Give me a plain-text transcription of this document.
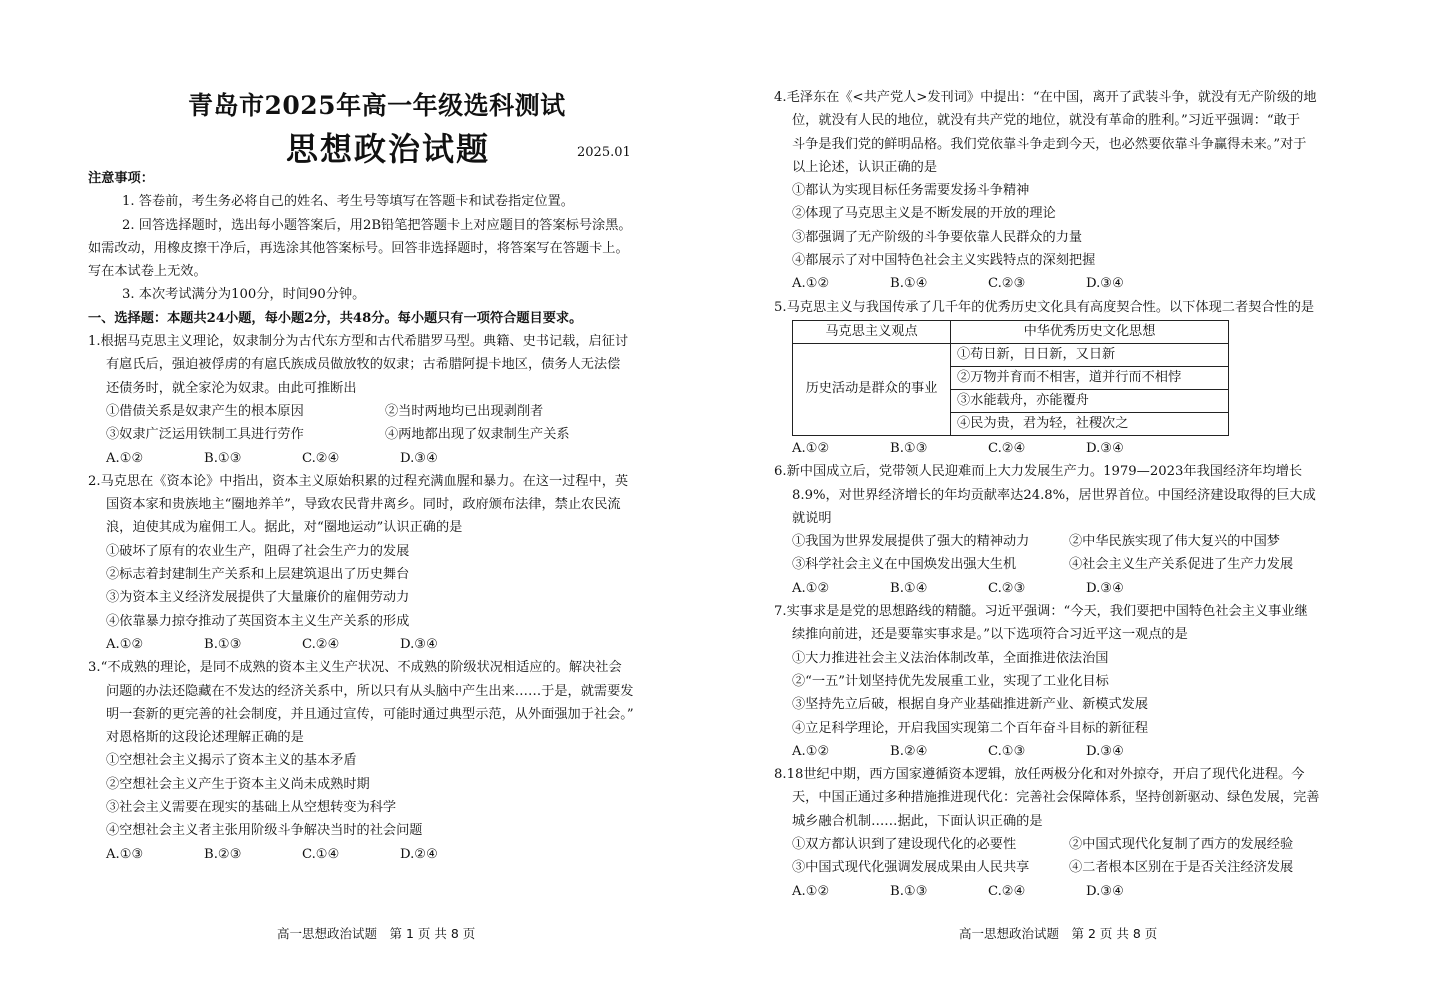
青岛市2025年高一年级选科测试
思想政治试题	2025.01
注意事项：
1. 答卷前，考生务必将自己的姓名、考生号等填写在答题卡和试卷指定位置。
2. 回答选择题时，选出每小题答案后，用2B铅笔把答题卡上对应题目的答案标号涂黑。
如需改动，用橡皮擦干净后，再选涂其他答案标号。回答非选择题时，将答案写在答题卡上。
写在本试卷上无效。
3. 本次考试满分为100分，时间90分钟。
一、选择题：本题共24小题，每小题2分，共48分。每小题只有一项符合题目要求。
1.根据马克思主义理论，奴隶制分为古代东方型和古代希腊罗马型。典籍、史书记载，启征讨
有扈氏后，强迫被俘虏的有扈氏族成员做放牧的奴隶；古希腊阿提卡地区，债务人无法偿
还债务时，就全家沦为奴隶。由此可推断出
①借债关系是奴隶产生的根本原因	②当时两地均已出现剥削者
③奴隶广泛运用铁制工具进行劳作	④两地都出现了奴隶制生产关系
A.①②	B.①③	C.②④	D.③④
2.马克思在《资本论》中指出，资本主义原始积累的过程充满血腥和暴力。在这一过程中，英
国资本家和贵族地主“圈地养羊”，导致农民背井离乡。同时，政府颁布法律，禁止农民流
浪，迫使其成为雇佣工人。据此，对“圈地运动”认识正确的是
①破坏了原有的农业生产，阻碍了社会生产力的发展
②标志着封建制生产关系和上层建筑退出了历史舞台
③为资本主义经济发展提供了大量廉价的雇佣劳动力
④依靠暴力掠夺推动了英国资本主义生产关系的形成
A.①②	B.①③	C.②④	D.③④
3.“不成熟的理论，是同不成熟的资本主义生产状况、不成熟的阶级状况相适应的。解决社会
问题的办法还隐藏在不发达的经济关系中，所以只有从头脑中产生出来……于是，就需要发
明一套新的更完善的社会制度，并且通过宣传，可能时通过典型示范，从外面强加于社会。”
对恩格斯的这段论述理解正确的是
①空想社会主义揭示了资本主义的基本矛盾
②空想社会主义产生于资本主义尚未成熟时期
③社会主义需要在现实的基础上从空想转变为科学
④空想社会主义者主张用阶级斗争解决当时的社会问题
A.①③	B.②③	C.①④	D.②④
高一思想政治试题　第 1 页 共 8 页
4.毛泽东在《<共产党人>发刊词》中提出：“在中国，离开了武装斗争，就没有无产阶级的地
位，就没有人民的地位，就没有共产党的地位，就没有革命的胜利。”习近平强调：“敢于
斗争是我们党的鲜明品格。我们党依靠斗争走到今天，也必然要依靠斗争赢得未来。”对于
以上论述，认识正确的是
①都认为实现目标任务需要发扬斗争精神
②体现了马克思主义是不断发展的开放的理论
③都强调了无产阶级的斗争要依靠人民群众的力量
④都展示了对中国特色社会主义实践特点的深刻把握
A.①②	B.①④	C.②③	D.③④
5.马克思主义与我国传承了几千年的优秀历史文化具有高度契合性。以下体现二者契合性的是
马克思主义观点	中华优秀历史文化思想
历史活动是群众的事业	①苟日新，日日新，又日新
	②万物并育而不相害，道并行而不相悖
	③水能载舟，亦能覆舟
	④民为贵，君为轻，社稷次之
A.①②	B.①③	C.②④	D.③④
6.新中国成立后，党带领人民迎难而上大力发展生产力。1979—2023年我国经济年均增长
8.9%，对世界经济增长的年均贡献率达24.8%，居世界首位。中国经济建设取得的巨大成
就说明
①我国为世界发展提供了强大的精神动力	②中华民族实现了伟大复兴的中国梦
③科学社会主义在中国焕发出强大生机	④社会主义生产关系促进了生产力发展
A.①②	B.①④	C.②③	D.③④
7.实事求是是党的思想路线的精髓。习近平强调：“今天，我们要把中国特色社会主义事业继
续推向前进，还是要靠实事求是。”以下选项符合习近平这一观点的是
①大力推进社会主义法治体制改革，全面推进依法治国
②“一五”计划坚持优先发展重工业，实现了工业化目标
③坚持先立后破，根据自身产业基础推进新产业、新模式发展
④立足科学理论，开启我国实现第二个百年奋斗目标的新征程
A.①②	B.②④	C.①③	D.③④
8.18世纪中期，西方国家遵循资本逻辑，放任两极分化和对外掠夺，开启了现代化进程。今
天，中国正通过多种措施推进现代化：完善社会保障体系，坚持创新驱动、绿色发展，完善
城乡融合机制……据此，下面认识正确的是
①双方都认识到了建设现代化的必要性	②中国式现代化复制了西方的发展经验
③中国式现代化强调发展成果由人民共享	④二者根本区别在于是否关注经济发展
A.①②	B.①③	C.②④	D.③④
高一思想政治试题　第 2 页 共 8 页
